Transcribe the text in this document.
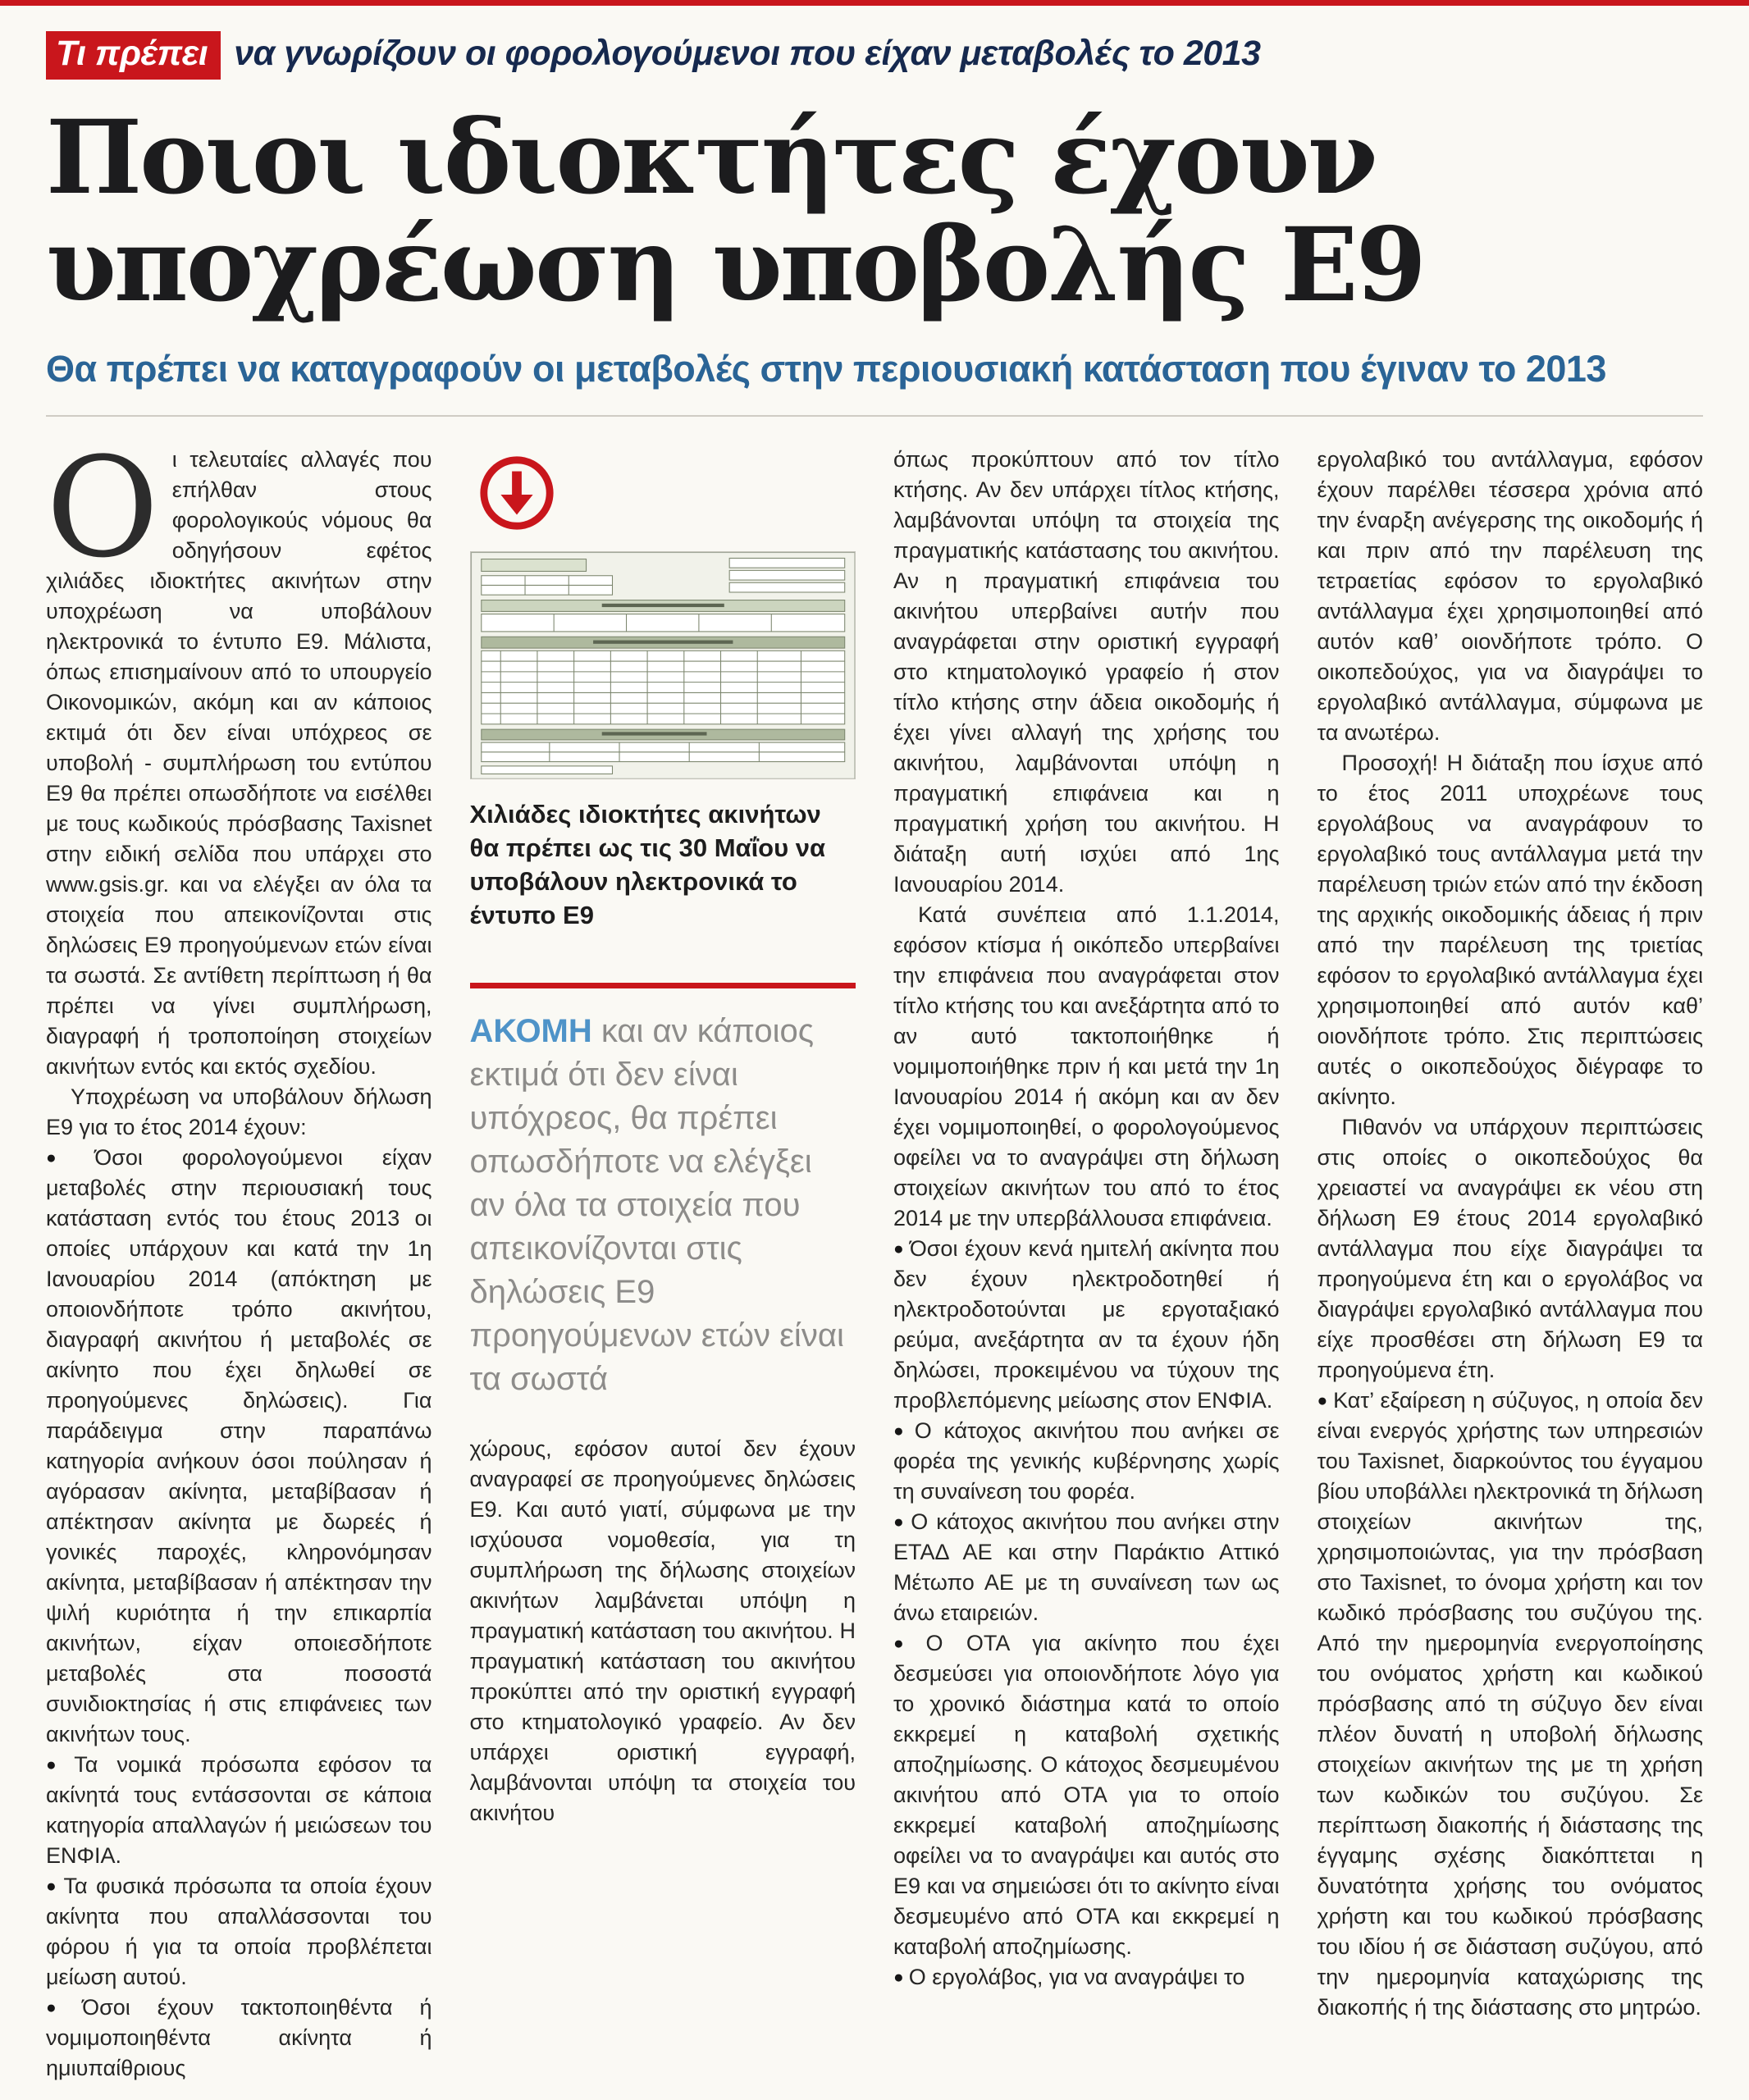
Τι πρέπει να γνωρίζουν οι φορολογούμενοι που είχαν μεταβολές το 2013
Ποιοι ιδιοκτήτες έχουν
υποχρέωση υποβολής Ε9
Θα πρέπει να καταγραφούν οι μεταβολές στην περιουσιακή κατάσταση που έγιναν το 2013

Οι τελευταίες αλλαγές που επήλθαν στους φορολογικούς νόμους θα οδηγήσουν εφέτος χιλιάδες ιδιοκτήτες ακινήτων στην υποχρέωση να υποβάλουν ηλεκτρονικά το έντυπο Ε9. Μάλιστα, όπως επισημαίνουν από το υπουργείο Οικονομικών, ακόμη και αν κάποιος εκτιμά ότι δεν είναι υπόχρεος σε υποβολή - συμπλήρωση του εντύπου Ε9 θα πρέπει οπωσδήποτε να εισέλθει με τους κωδικούς πρόσβασης Taxisnet στην ειδική σελίδα που υπάρχει στο www.gsis.gr. και να ελέγξει αν όλα τα στοιχεία που απεικονίζονται στις δηλώσεις Ε9 προηγούμενων ετών είναι τα σωστά. Σε αντίθετη περίπτωση ή θα πρέπει να γίνει συμπλήρωση, διαγραφή ή τροποποίηση στοιχείων ακινήτων εντός και εκτός σχεδίου.

Υποχρέωση να υποβάλουν δήλωση Ε9 για το έτος 2014 έχουν:

● Όσοι φορολογούμενοι είχαν μεταβολές στην περιουσιακή τους κατάσταση εντός του έτους 2013 οι οποίες υπάρχουν και κατά την 1η Ιανουαρίου 2014 (απόκτηση με οποιονδήποτε τρόπο ακινήτου, διαγραφή ακινήτου ή μεταβολές σε ακίνητο που έχει δηλωθεί σε προηγούμενες δηλώσεις). Για παράδειγμα στην παραπάνω κατηγορία ανήκουν όσοι πούλησαν ή αγόρασαν ακίνητα, μεταβίβασαν ή απέκτησαν ακίνητα με δωρεές ή γονικές παροχές, κληρονόμησαν ακίνητα, μεταβίβασαν ή απέκτησαν την ψιλή κυριότητα ή την επικαρπία ακινήτων, είχαν οποιεσδήποτε μεταβολές στα ποσοστά συνιδιοκτησίας ή στις επιφάνειες των ακινήτων τους.

● Τα νομικά πρόσωπα εφόσον τα ακίνητά τους εντάσσονται σε κάποια κατηγορία απαλλαγών ή μειώσεων του ΕΝΦΙΑ.

● Τα φυσικά πρόσωπα τα οποία έχουν ακίνητα που απαλλάσσονται του φόρου ή για τα οποία προβλέπεται μείωση αυτού.

● Όσοι έχουν τακτοποιηθέντα ή νομιμοποιηθέντα ακίνητα ή ημιυπαίθριους

Χιλιάδες ιδιοκτήτες ακινήτων θα πρέπει ως τις 30 Μαΐου να υποβάλουν ηλεκτρονικά το έντυπο Ε9
ΑΚΟΜΗ και αν κάποιος εκτιμά ότι δεν είναι υπόχρεος, θα πρέπει οπωσδήποτε να ελέγξει αν όλα τα στοιχεία που απεικονίζονται στις δηλώσεις Ε9 προηγούμενων ετών είναι τα σωστά

χώρους, εφόσον αυτοί δεν έχουν αναγραφεί σε προηγούμενες δηλώσεις Ε9. Και αυτό γιατί, σύμφωνα με την ισχύουσα νομοθεσία, για τη συμπλήρωση της δήλωσης στοιχείων ακινήτων λαμβάνεται υπόψη η πραγματική κατάσταση του ακινήτου. Η πραγματική κατάσταση του ακινήτου προκύπτει από την οριστική εγγραφή στο κτηματολογικό γραφείο. Αν δεν υπάρχει οριστική εγγραφή, λαμβάνονται υπόψη τα στοιχεία του ακινήτου

όπως προκύπτουν από τον τίτλο κτήσης. Αν δεν υπάρχει τίτλος κτήσης, λαμβάνονται υπόψη τα στοιχεία της πραγματικής κατάστασης του ακινήτου. Αν η πραγματική επιφάνεια του ακινήτου υπερβαίνει αυτήν που αναγράφεται στην οριστική εγγραφή στο κτηματολογικό γραφείο ή στον τίτλο κτήσης στην άδεια οικοδομής ή έχει γίνει αλλαγή της χρήσης του ακινήτου, λαμβάνονται υπόψη η πραγματική επιφάνεια και η πραγματική χρήση του ακινήτου. Η διάταξη αυτή ισχύει από 1ης Ιανουαρίου 2014.

Κατά συνέπεια από 1.1.2014, εφόσον κτίσμα ή οικόπεδο υπερβαίνει την επιφάνεια που αναγράφεται στον τίτλο κτήσης του και ανεξάρτητα από το αν αυτό τακτοποιήθηκε ή νομιμοποιήθηκε πριν ή και μετά την 1η Ιανουαρίου 2014 ή ακόμη και αν δεν έχει νομιμοποιηθεί, ο φορολογούμενος οφείλει να το αναγράψει στη δήλωση στοιχείων ακινήτων του από το έτος 2014 με την υπερβάλλουσα επιφάνεια.

● Όσοι έχουν κενά ημιτελή ακίνητα που δεν έχουν ηλεκτροδοτηθεί ή ηλεκτροδοτούνται με εργοταξιακό ρεύμα, ανεξάρτητα αν τα έχουν ήδη δηλώσει, προκειμένου να τύχουν της προβλεπόμενης μείωσης στον ΕΝΦΙΑ.

● Ο κάτοχος ακινήτου που ανήκει σε φορέα της γενικής κυβέρνησης χωρίς τη συναίνεση του φορέα.

● Ο κάτοχος ακινήτου που ανήκει στην ΕΤΑΔ ΑΕ και στην Παράκτιο Αττικό Μέτωπο ΑΕ με τη συναίνεση των ως άνω εταιρειών.

● Ο ΟΤΑ για ακίνητο που έχει δεσμεύσει για οποιονδήποτε λόγο για το χρονικό διάστημα κατά το οποίο εκκρεμεί η καταβολή σχετικής αποζημίωσης. Ο κάτοχος δεσμευμένου ακινήτου από ΟΤΑ για το οποίο εκκρεμεί καταβολή αποζημίωσης οφείλει να το αναγράψει και αυτός στο Ε9 και να σημειώσει ότι το ακίνητο είναι δεσμευμένο από ΟΤΑ και εκκρεμεί η καταβολή αποζημίωσης.

● Ο εργολάβος, για να αναγράψει το

εργολαβικό του αντάλλαγμα, εφόσον έχουν παρέλθει τέσσερα χρόνια από την έναρξη ανέγερσης της οικοδομής ή και πριν από την παρέλευση της τετραετίας εφόσον το εργολαβικό αντάλλαγμα έχει χρησιμοποιηθεί από αυτόν καθ’ οιονδήποτε τρόπο. Ο οικοπεδούχος, για να διαγράψει το εργολαβικό αντάλλαγμα, σύμφωνα με τα ανωτέρω.

Προσοχή! Η διάταξη που ίσχυε από το έτος 2011 υποχρέωνε τους εργολάβους να αναγράφουν το εργολαβικό τους αντάλλαγμα μετά την παρέλευση τριών ετών από την έκδοση της αρχικής οικοδομικής άδειας ή πριν από την παρέλευση της τριετίας εφόσον το εργολαβικό αντάλλαγμα έχει χρησιμοποιηθεί από αυτόν καθ’ οιονδήποτε τρόπο. Στις περιπτώσεις αυτές ο οικοπεδούχος διέγραφε το ακίνητο.

Πιθανόν να υπάρχουν περιπτώσεις στις οποίες ο οικοπεδούχος θα χρειαστεί να αναγράψει εκ νέου στη δήλωση Ε9 έτους 2014 εργολαβικό αντάλλαγμα που είχε διαγράψει τα προηγούμενα έτη και ο εργολάβος να διαγράψει εργολαβικό αντάλλαγμα που είχε προσθέσει στη δήλωση Ε9 τα προηγούμενα έτη.

● Κατ’ εξαίρεση η σύζυγος, η οποία δεν είναι ενεργός χρήστης των υπηρεσιών του Taxisnet, διαρκούντος του έγγαμου βίου υποβάλλει ηλεκτρονικά τη δήλωση στοιχείων ακινήτων της, χρησιμοποιώντας, για την πρόσβαση στο Taxisnet, το όνομα χρήστη και τον κωδικό πρόσβασης του συζύγου της. Από την ημερομηνία ενεργοποίησης του ονόματος χρήστη και κωδικού πρόσβασης από τη σύζυγο δεν είναι πλέον δυνατή η υποβολή δήλωσης στοιχείων ακινήτων της με τη χρήση των κωδικών του συζύγου. Σε περίπτωση διακοπής ή διάστασης της έγγαμης σχέσης διακόπτεται η δυνατότητα χρήσης του ονόματος χρήστη και του κωδικού πρόσβασης του ιδίου ή σε διάσταση συζύγου, από την ημερομηνία καταχώρισης της διακοπής ή της διάστασης στο μητρώο.
